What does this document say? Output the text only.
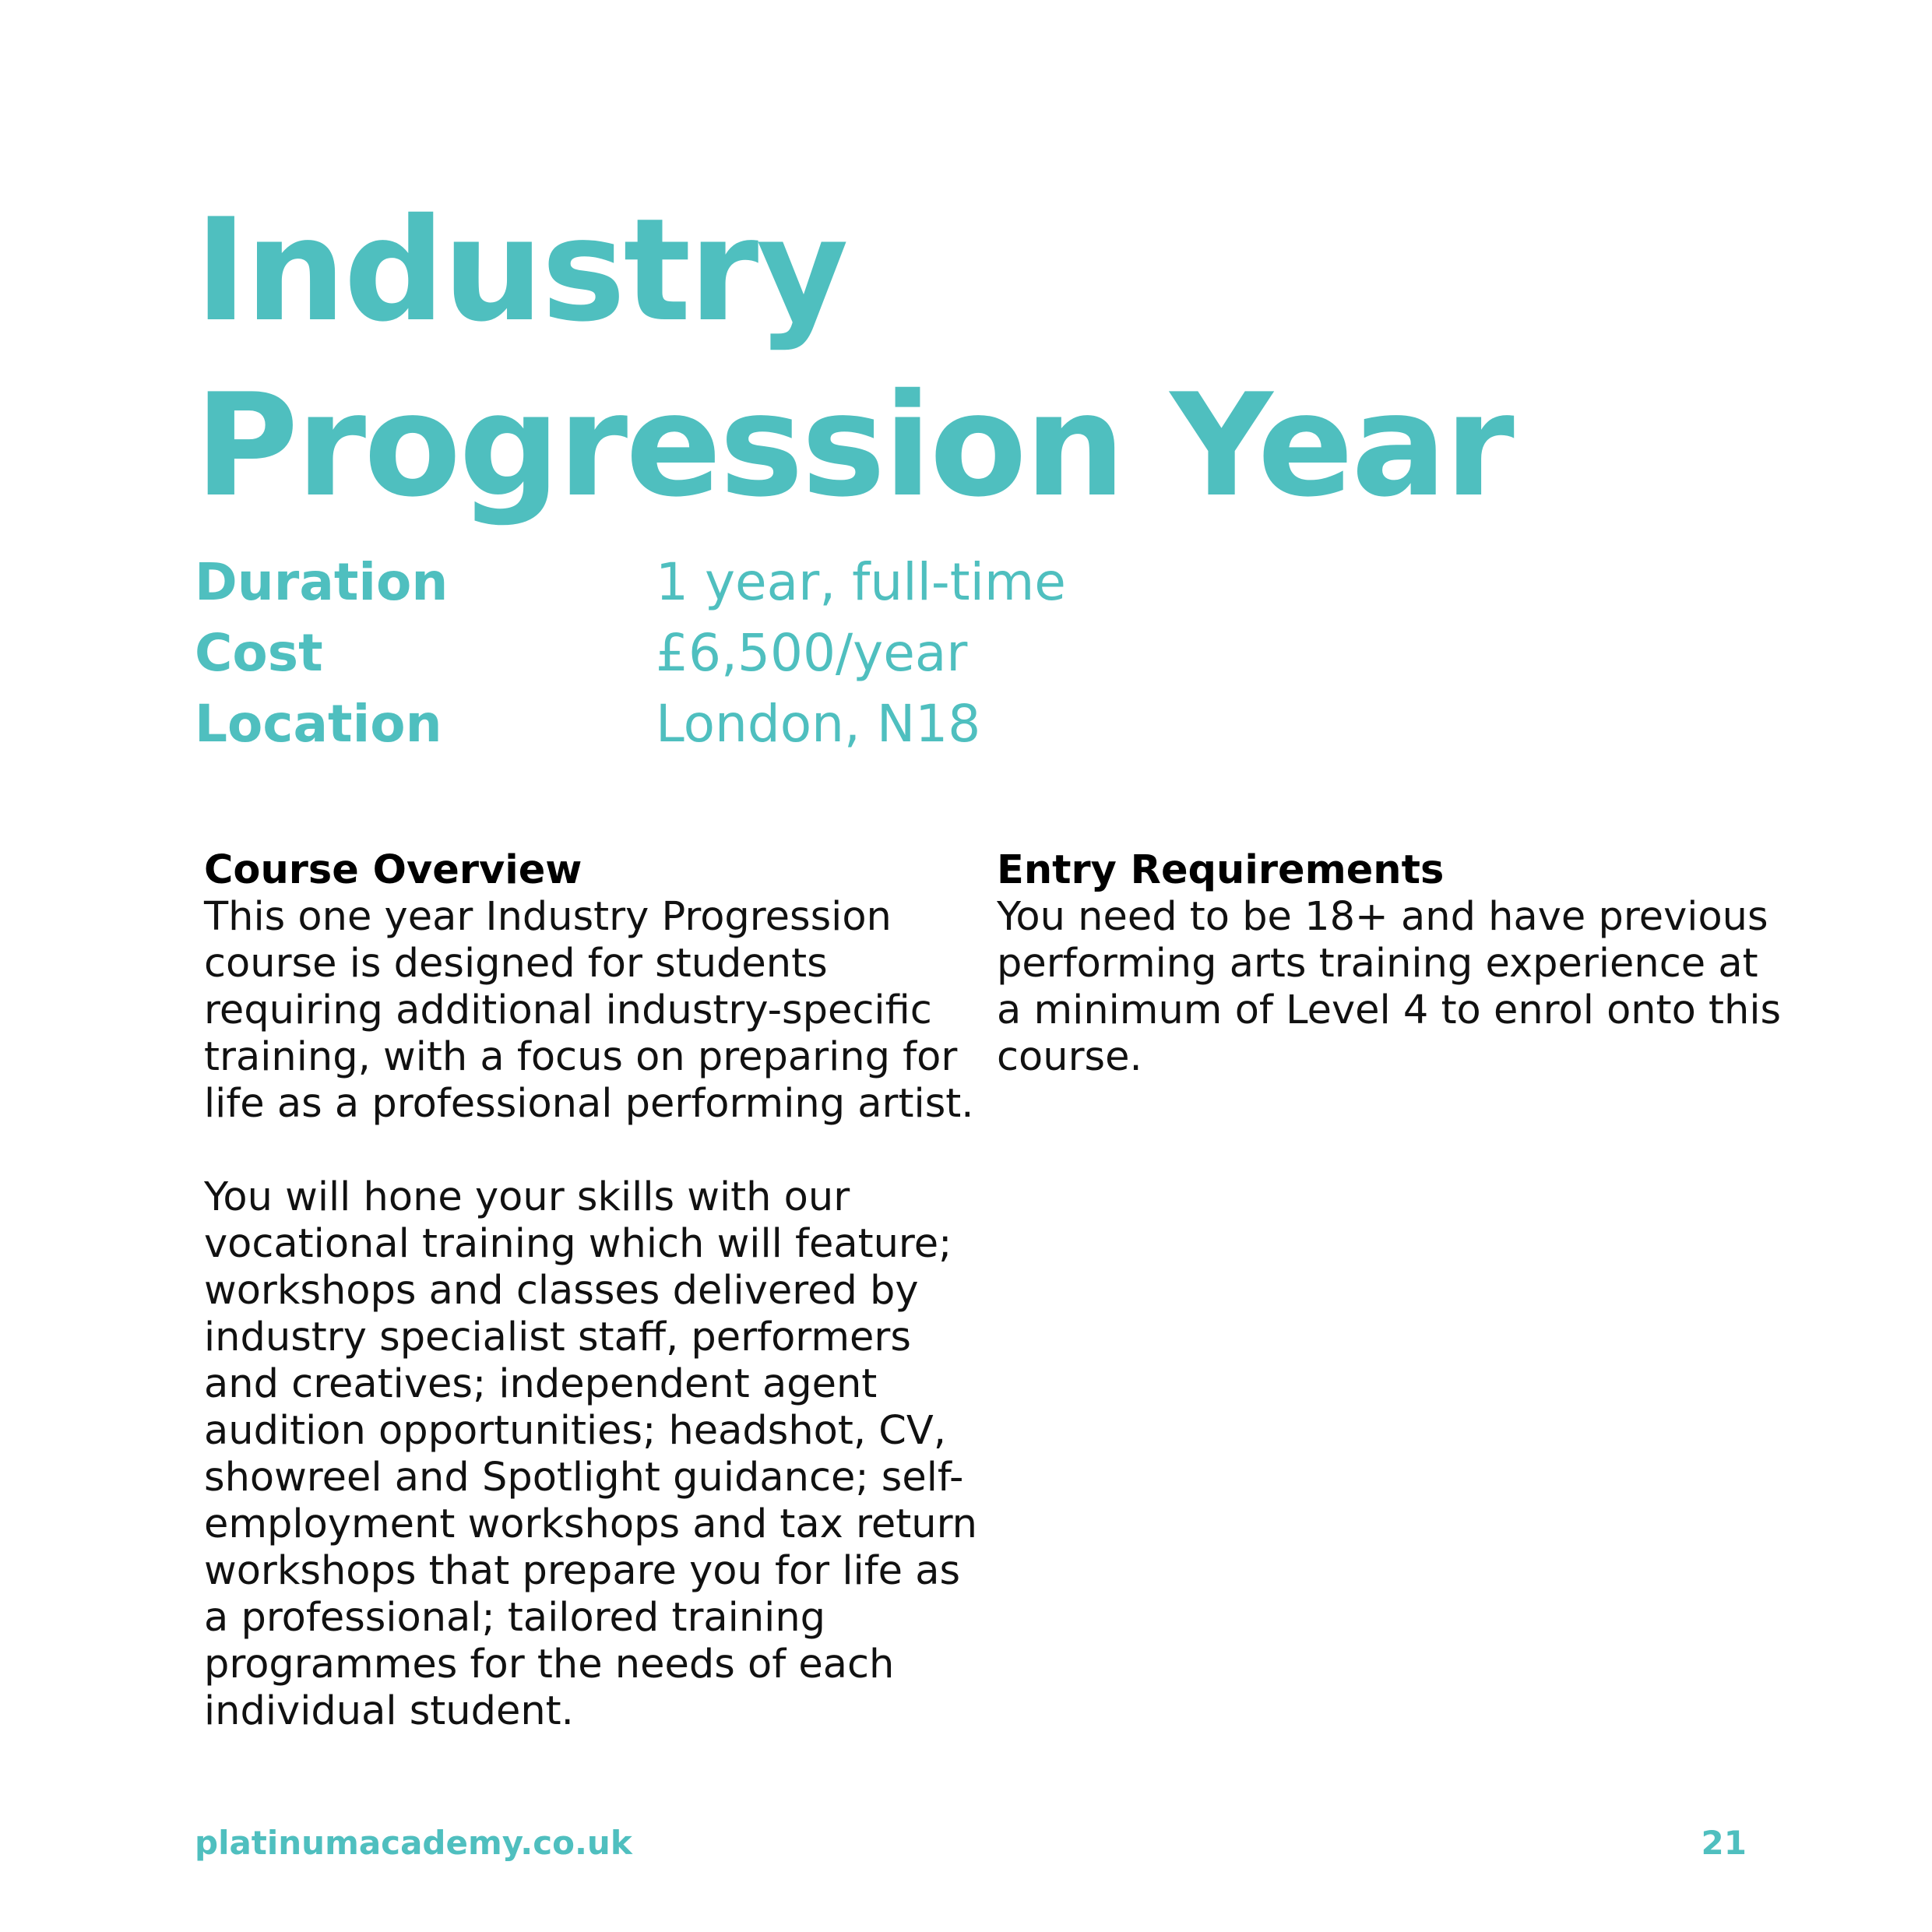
Industry
Progression Year
Duration	1 year, full-time
Cost	£6,500/year
Location	London, N18
Course Overview

This one year Industry Progression course is designed for students requiring additional industry-specific training, with a focus on preparing for life as a professional performing artist.

You will hone your skills with our vocational training which will feature; workshops and classes delivered by industry specialist staff, performers and creatives; independent agent audition opportunities; headshot, CV, showreel and Spotlight guidance; self-employment workshops and tax return workshops that prepare you for life as a professional; tailored training programmes for the needs of each individual student.

Entry Requirements

You need to be 18+ and have previous performing arts training experience at a minimum of Level 4 to enrol onto this course.

platinumacademy.co.uk	21
